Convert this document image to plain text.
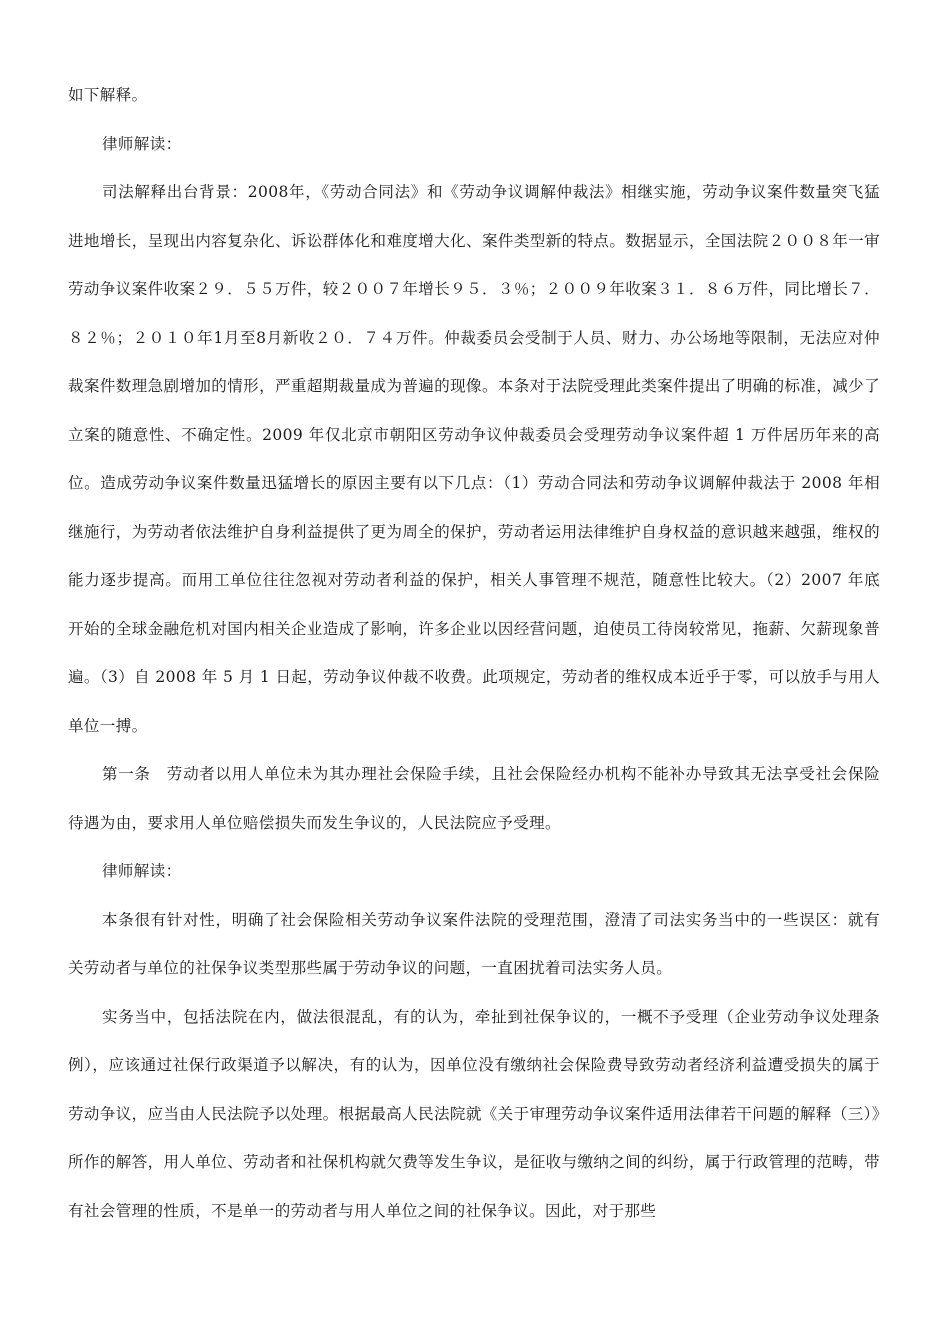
如下解释。

律师解读：

司法解释出台背景：2008年，《劳动合同法》和《劳动争议调解仲裁法》相继实施，劳动争议案件数量突飞猛进地增长，呈现出内容复杂化、诉讼群体化和难度增大化、案件类型新的特点。数据显示，全国法院２００８年一审劳动争议案件收案２９．５５万件，较２００７年增长９５．３％；２００９年收案３１．８６万件，同比增长７．８２％；２０１０年1月至8月新收２０．７４万件。仲裁委员会受制于人员、财力、办公场地等限制，无法应对仲裁案件数理急剧增加的情形，严重超期裁量成为普遍的现像。本条对于法院受理此类案件提出了明确的标准，减少了立案的随意性、不确定性。2009 年仅北京市朝阳区劳动争议仲裁委员会受理劳动争议案件超 1 万件居历年来的高位。造成劳动争议案件数量迅猛增长的原因主要有以下几点：（1）劳动合同法和劳动争议调解仲裁法于 2008 年相继施行，为劳动者依法维护自身利益提供了更为周全的保护，劳动者运用法律维护自身权益的意识越来越强，维权的能力逐步提高。而用工单位往往忽视对劳动者利益的保护，相关人事管理不规范，随意性比较大。（2）2007 年底开始的全球金融危机对国内相关企业造成了影响，许多企业以因经营问题，迫使员工待岗较常见，拖薪、欠薪现象普遍。（3）自 2008 年 5 月 1 日起，劳动争议仲裁不收费。此项规定，劳动者的维权成本近乎于零，可以放手与用人单位一搏。

第一条　劳动者以用人单位未为其办理社会保险手续，且社会保险经办机构不能补办导致其无法享受社会保险待遇为由，要求用人单位赔偿损失而发生争议的，人民法院应予受理。

律师解读：

本条很有针对性，明确了社会保险相关劳动争议案件法院的受理范围，澄清了司法实务当中的一些误区：就有关劳动者与单位的社保争议类型那些属于劳动争议的问题，一直困扰着司法实务人员。

实务当中，包括法院在内，做法很混乱，有的认为，牵扯到社保争议的，一概不予受理（企业劳动争议处理条例），应该通过社保行政渠道予以解决，有的认为，因单位没有缴纳社会保险费导致劳动者经济利益遭受损失的属于劳动争议，应当由人民法院予以处理。根据最高人民法院就《关于审理劳动争议案件适用法律若干问题的解释（三）》所作的解答，用人单位、劳动者和社保机构就欠费等发生争议，是征收与缴纳之间的纠纷，属于行政管理的范畴，带有社会管理的性质，不是单一的劳动者与用人单位之间的社保争议。因此，对于那些
